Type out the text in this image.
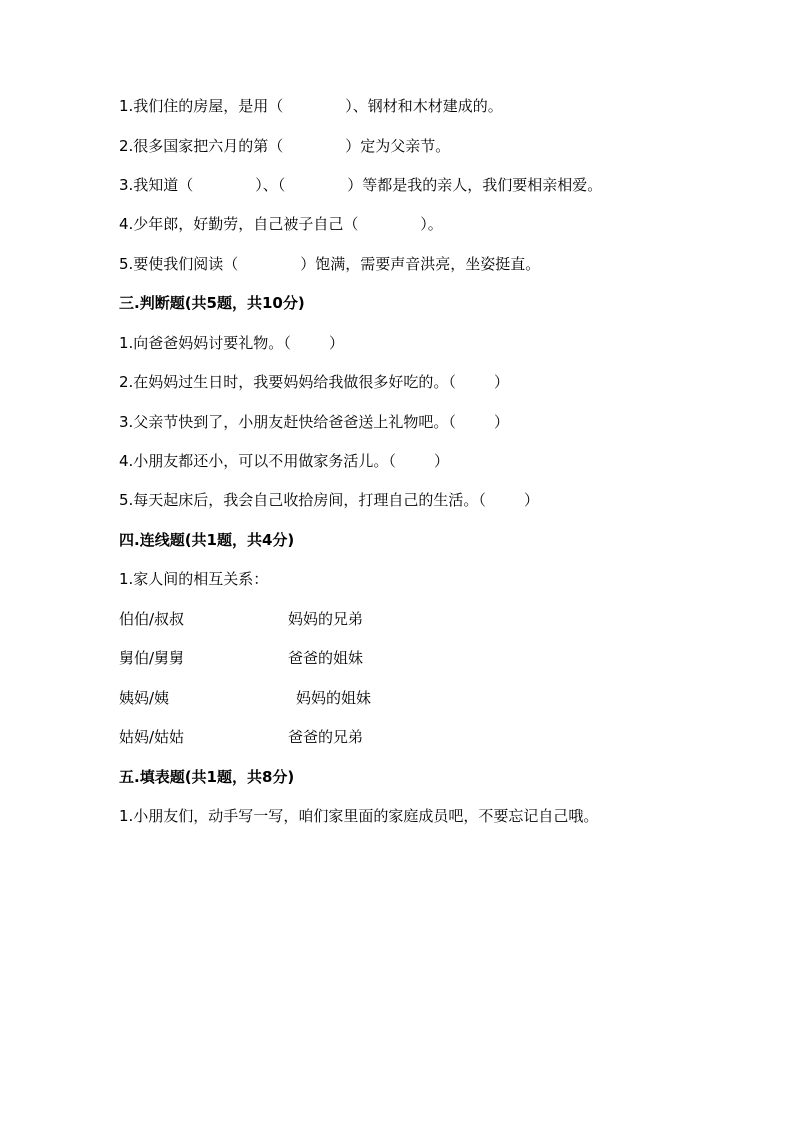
1.我们住的房屋，是用（             ）、钢材和木材建成的。
2.很多国家把六月的第（             ）定为父亲节。
3.我知道（             ）、（             ）等都是我的亲人，我们要相亲相爱。
4.少年郎，好勤劳，自己被子自己（             ）。
5.要使我们阅读（             ）饱满，需要声音洪亮，坐姿挺直。
三.判断题(共5题，共10分)
1.向爸爸妈妈讨要礼物。（        ）
2.在妈妈过生日时，我要妈妈给我做很多好吃的。（        ）
3.父亲节快到了，小朋友赶快给爸爸送上礼物吧。（        ）
4.小朋友都还小，可以不用做家务活儿。（        ）
5.每天起床后，我会自己收拾房间，打理自己的生活。（        ）
四.连线题(共1题，共4分)
1.家人间的相互关系：
伯伯/叔叔	妈妈的兄弟
舅伯/舅舅	爸爸的姐妹
姨妈/姨	妈妈的姐妹
姑妈/姑姑	爸爸的兄弟
五.填表题(共1题，共8分)
1.小朋友们，动手写一写，咱们家里面的家庭成员吧，不要忘记自己哦。
